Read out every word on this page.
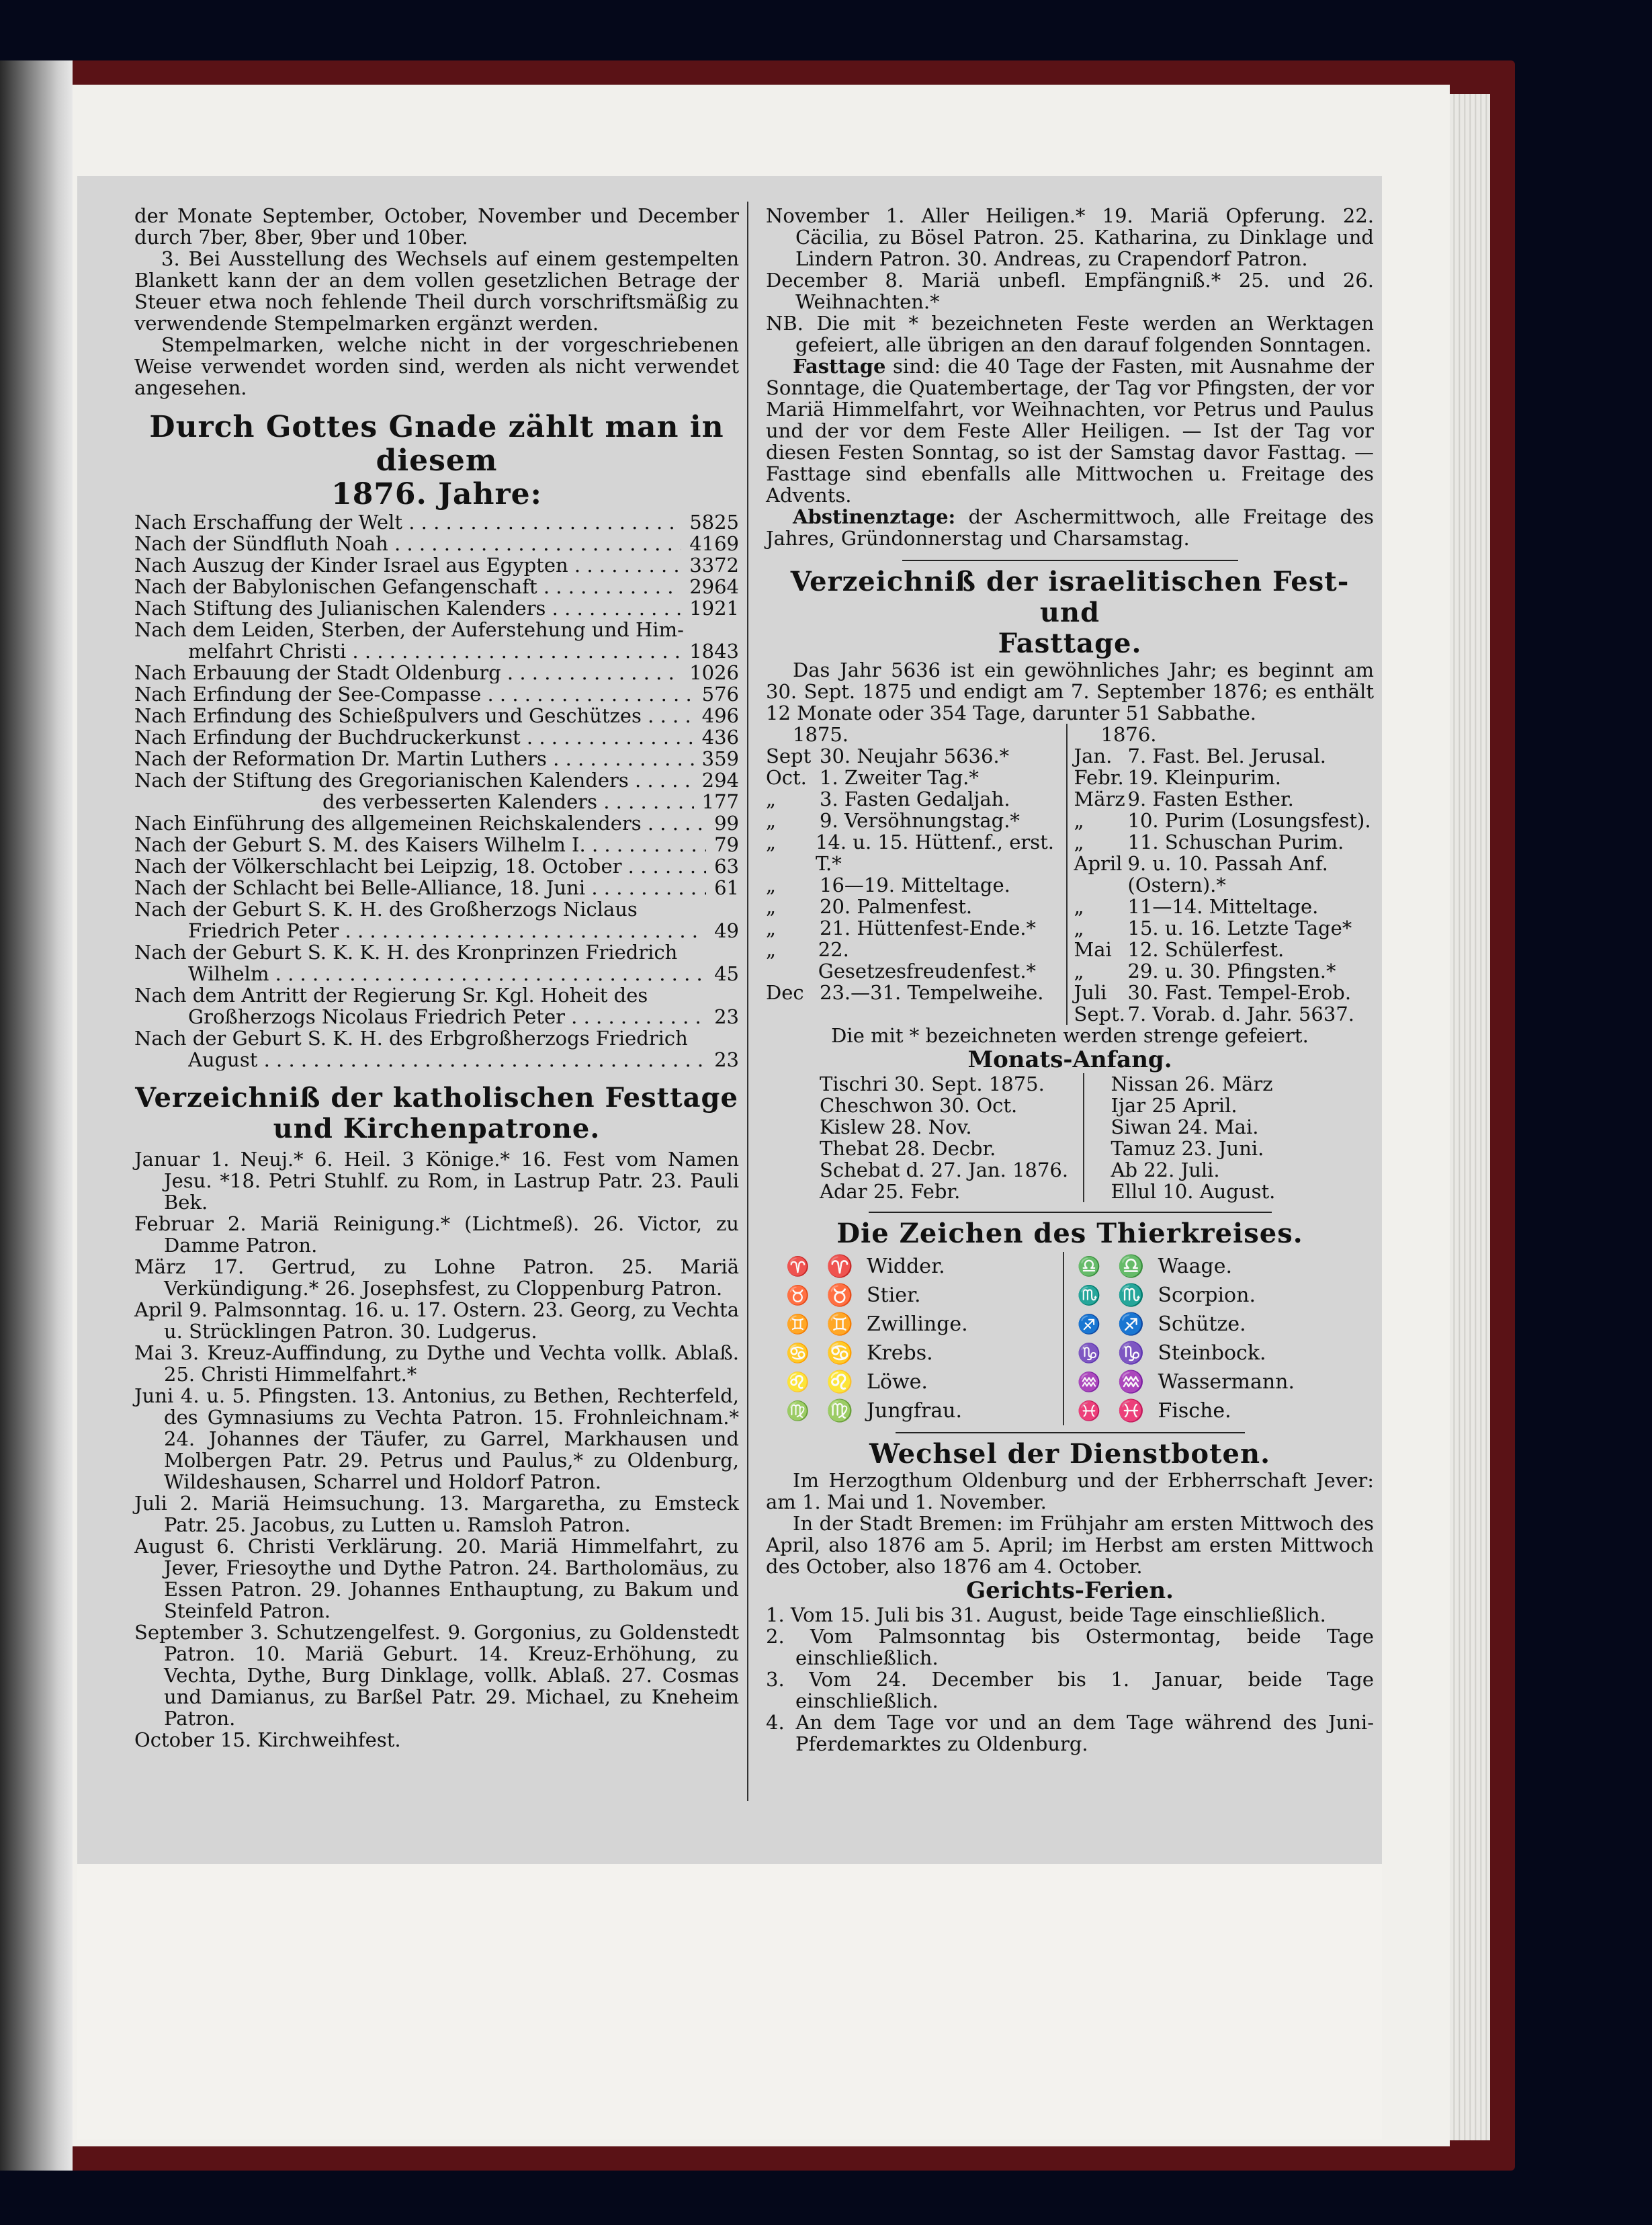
der Monate September, October, November und December durch 7ber, 8ber, 9ber und 10ber.

3. Bei Ausstellung des Wechsels auf einem gestempelten Blankett kann der an dem vollen gesetzlichen Betrage der Steuer etwa noch fehlende Theil durch vorschriftsmäßig zu verwendende Stempelmarken ergänzt werden.

Stempelmarken, welche nicht in der vorgeschriebenen Weise verwendet worden sind, werden als nicht verwendet angesehen.

Durch Gottes Gnade zählt man in diesem
1876. Jahre:
Nach Erschaffung der Welt . . .	5825
Nach der Sündfluth Noah . . .	4169
Nach Auszug der Kinder Israel aus Egypten . . .	3372
Nach der Babylonischen Gefangenschaft . . .	2964
Nach Stiftung des Julianischen Kalenders . . .	1921
Nach dem Leiden, Sterben, der Auferstehung und Him-
melfahrt Christi . . .	1843
Nach Erbauung der Stadt Oldenburg . . .	1026
Nach Erfindung der See-Compasse . . .	576
Nach Erfindung des Schießpulvers und Geschützes . . .	496
Nach Erfindung der Buchdruckerkunst . . .	436
Nach der Reformation Dr. Martin Luthers . . .	359
Nach der Stiftung des Gregorianischen Kalenders . . .	294
des verbesserten Kalenders . . .	177
Nach Einführung des allgemeinen Reichskalenders . . .	99
Nach der Geburt S. M. des Kaisers Wilhelm I. . . .	79
Nach der Völkerschlacht bei Leipzig, 18. October . . .	63
Nach der Schlacht bei Belle-Alliance, 18. Juni . . .	61
Nach der Geburt S. K. H. des Großherzogs Niclaus
Friedrich Peter . . .	49
Nach der Geburt S. K. K. H. des Kronprinzen Friedrich
Wilhelm . . .	45
Nach dem Antritt der Regierung Sr. Kgl. Hoheit des
Großherzogs Nicolaus Friedrich Peter . . .	23
Nach der Geburt S. K. H. des Erbgroßherzogs Friedrich
August . . .	23
Verzeichniß der katholischen Festtage
und Kirchenpatrone.

Januar 1. Neuj.* 6. Heil. 3 Könige.* 16. Fest vom Namen Jesu. *18. Petri Stuhlf. zu Rom, in Lastrup Patr. 23. Pauli Bek.

Februar 2. Mariä Reinigung.* (Lichtmeß). 26. Victor, zu Damme Patron.

März 17. Gertrud, zu Lohne Patron. 25. Mariä Verkündigung.* 26. Josephsfest, zu Cloppenburg Patron.

April 9. Palmsonntag. 16. u. 17. Ostern. 23. Georg, zu Vechta u. Strücklingen Patron. 30. Ludgerus.

Mai 3. Kreuz-Auffindung, zu Dythe und Vechta vollk. Ablaß. 25. Christi Himmelfahrt.*

Juni 4. u. 5. Pfingsten. 13. Antonius, zu Bethen, Rechterfeld, des Gymnasiums zu Vechta Patron. 15. Frohnleichnam.* 24. Johannes der Täufer, zu Garrel, Markhausen und Molbergen Patr. 29. Petrus und Paulus,* zu Oldenburg, Wildeshausen, Scharrel und Holdorf Patron.

Juli 2. Mariä Heimsuchung. 13. Margaretha, zu Emsteck Patr. 25. Jacobus, zu Lutten u. Ramsloh Patron.

August 6. Christi Verklärung. 20. Mariä Himmelfahrt, zu Jever, Friesoythe und Dythe Patron. 24. Bartholomäus, zu Essen Patron. 29. Johannes Enthauptung, zu Bakum und Steinfeld Patron.

September 3. Schutzengelfest. 9. Gorgonius, zu Goldenstedt Patron. 10. Mariä Geburt. 14. Kreuz-Erhöhung, zu Vechta, Dythe, Burg Dinklage, vollk. Ablaß. 27. Cosmas und Damianus, zu Barßel Patr. 29. Michael, zu Kneheim Patron.

October 15. Kirchweihfest.

November 1. Aller Heiligen.* 19. Mariä Opferung. 22. Cäcilia, zu Bösel Patron. 25. Katharina, zu Dinklage und Lindern Patron. 30. Andreas, zu Crapendorf Patron.

December 8. Mariä unbefl. Empfängniß.* 25. und 26. Weihnachten.*

NB. Die mit * bezeichneten Feste werden an Werktagen gefeiert, alle übrigen an den darauf folgenden Sonntagen.

Fasttage sind: die 40 Tage der Fasten, mit Ausnahme der Sonntage, die Quatembertage, der Tag vor Pfingsten, der vor Mariä Himmelfahrt, vor Weihnachten, vor Petrus und Paulus und der vor dem Feste Aller Heiligen. — Ist der Tag vor diesen Festen Sonntag, so ist der Samstag davor Fasttag. — Fasttage sind ebenfalls alle Mittwochen u. Freitage des Advents.

Abstinenztage: der Aschermittwoch, alle Freitage des Jahres, Gründonnerstag und Charsamstag.

Verzeichniß der israelitischen Fest- und
Fasttage.

Das Jahr 5636 ist ein gewöhnliches Jahr; es beginnt am 30. Sept. 1875 und endigt am 7. September 1876; es enthält 12 Monate oder 354 Tage, darunter 51 Sabbathe.

1875.
Sept 30. Neujahr 5636.*
Oct. 1. Zweiter Tag.*
„	3. Fasten Gedaljah.
„	9. Versöhnungstag.*
„	14. u. 15. Hüttenf., erst. T.*
„	16—19. Mitteltage.
„	20. Palmenfest.
„	21. Hüttenfest-Ende.*
„	22. Gesetzesfreudenfest.*
Dec 23.—31. Tempelweihe.
1876.
Jan. 7. Fast. Bel. Jerusal.
Febr. 19. Kleinpurim.
März 9. Fasten Esther.
„	10. Purim (Losungsfest).
„	11. Schuschan Purim.
April 9. u. 10. Passah Anf.
(Ostern).*
„	11—14. Mitteltage.
„	15. u. 16. Letzte Tage*
Mai 12. Schülerfest.
„	29. u. 30. Pfingsten.*
Juli	30. Fast. Tempel-Erob.
Sept. 7. Vorab. d. Jahr. 5637.
Die mit * bezeichneten werden strenge gefeiert.
Monats-Anfang.
Tischri 30. Sept. 1875.
Cheschwon 30. Oct.
Kislew 28. Nov.
Thebat 28. Decbr.
Schebat d. 27. Jan. 1876.
Adar 25. Febr.
Nissan 26. März
Ijar 25 April.
Siwan 24. Mai.
Tamuz 23. Juni.
Ab 22. Juli.
Ellul 10. August.
Die Zeichen des Thierkreises.
♈ ♈ Widder.
♉ ♉ Stier.
♊ ♊ Zwillinge.
♋ ♋ Krebs.
♌ ♌ Löwe.
♍ ♍ Jungfrau.
♎ ♎ Waage.
♏ ♏ Scorpion.
♐ ♐ Schütze.
♑ ♑ Steinbock.
♒ ♒ Wassermann.
♓ ♓ Fische.
Wechsel der Dienstboten.

Im Herzogthum Oldenburg und der Erbherrschaft Jever: am 1. Mai und 1. November.

In der Stadt Bremen: im Frühjahr am ersten Mittwoch des April, also 1876 am 5. April; im Herbst am ersten Mittwoch des October, also 1876 am 4. October.

Gerichts-Ferien.

1. Vom 15. Juli bis 31. August, beide Tage einschließlich.

2. Vom Palmsonntag bis Ostermontag, beide Tage einschließlich.

3. Vom 24. December bis 1. Januar, beide Tage einschließlich.

4. An dem Tage vor und an dem Tage während des Juni-Pferdemarktes zu Oldenburg.
